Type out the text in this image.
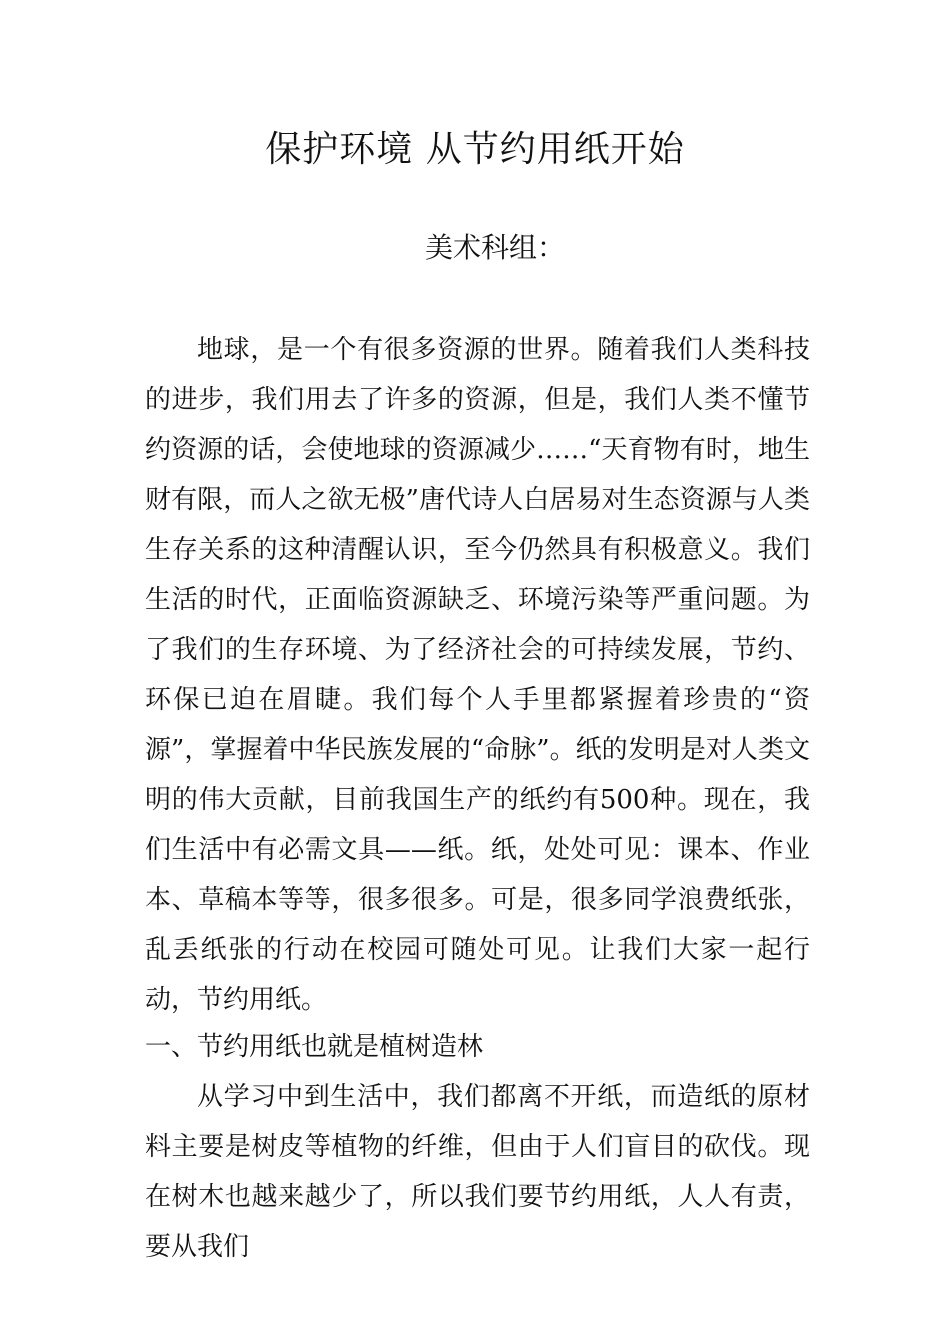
保护环境 从节约用纸开始

美术科组：

地球，是一个有很多资源的世界。随着我们人类科技的进步，我们用去了许多的资源，但是，我们人类不懂节约资源的话，会使地球的资源减少……“天育物有时，地生财有限，而人之欲无极”唐代诗人白居易对生态资源与人类生存关系的这种清醒认识，至今仍然具有积极意义。我们生活的时代，正面临资源缺乏、环境污染等严重问题。为了我们的生存环境、为了经济社会的可持续发展，节约、环保已迫在眉睫。我们每个人手里都紧握着珍贵的“资源”，掌握着中华民族发展的“命脉”。纸的发明是对人类文明的伟大贡献，目前我国生产的纸约有500种。现在，我们生活中有必需文具——纸。纸，处处可见：课本、作业本、草稿本等等，很多很多。可是，很多同学浪费纸张，乱丢纸张的行动在校园可随处可见。让我们大家一起行动，节约用纸。

一、节约用纸也就是植树造林

从学习中到生活中，我们都离不开纸，而造纸的原材料主要是树皮等植物的纤维，但由于人们盲目的砍伐。现在树木也越来越少了，所以我们要节约用纸，人人有责，要从我们
